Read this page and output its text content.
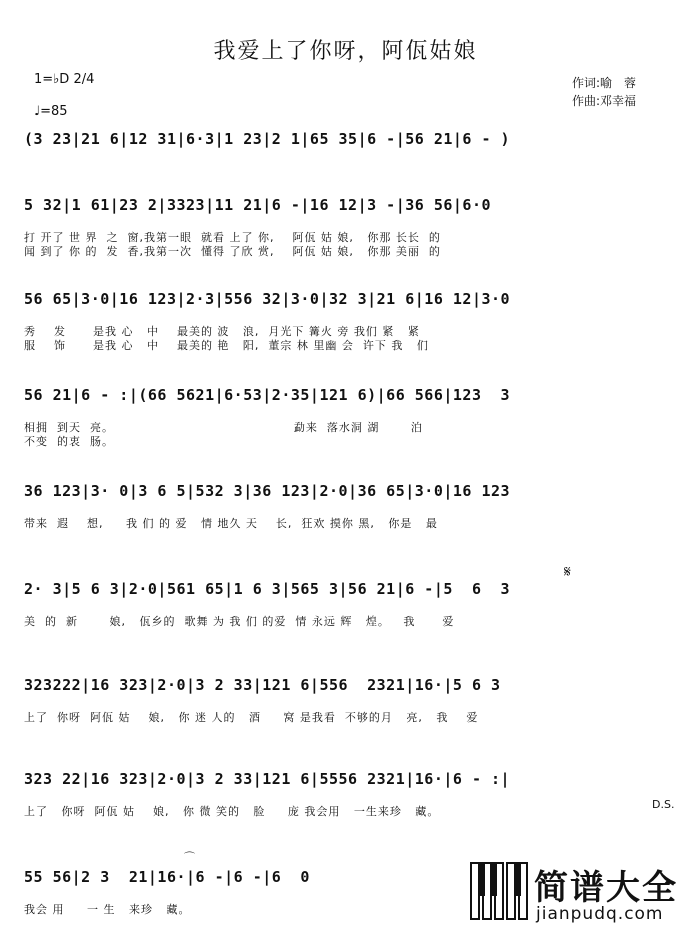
我爱上了你呀，阿佤姑娘
1=♭D 2/4
♩=85
作词:喻　蓉
作曲:邓幸福
(3 23|21 6|12 31|6·3|1 23|2 1|65 35|6 -|56 21|6 - )
5 32|1 61|23 2|3323|11 21|6 -|16 12|3 -|36 56|6·0
打 开了 世 界  之  窗,我第一眼  就看 上了 你,    阿佤 姑 娘,   你那 长长  的
闻 到了 你 的  发  香,我第一次  懂得 了欣 赏,    阿佤 姑 娘,   你那 美丽  的
56 65|3·0|16 123|2·3|556 32|3·0|32 3|21 6|16 12|3·0
秀    发      是我 心   中    最美的 波   浪,  月光下 篝火 旁 我们 紧   紧
服    饰      是我 心   中    最美的 艳   阳,  董宗 林 里幽 会  许下 我   们
56 21|6 - :|(66 5621|6·53|2·35|121 6)|66 566|123  3
相拥  到天  亮。                                        勐来  落水洞 湖       泊
不变  的衷  肠。
36 123|3· 0|3 6 5|532 3|36 123|2·0|36 65|3·0|16 123
带来  遐    想,     我 们 的 爱   情 地久 天    长,  狂欢 摸你 黑,   你是   最
2· 3|5 6 3|2·0|561 65|1 6 3|565 3|56 21|6 -|5  6  3
美  的  新       娘,   佤乡的  歌舞 为 我 们 的爱  情 永远 辉   煌。   我      爱
323222|16 323|2·0|3 2 33|121 6|556  2321|16·|5 6 3
上了  你呀  阿佤 姑    娘,   你 迷 人的   酒     窝 是我看  不够的月   亮,   我    爱
323 22|16 323|2·0|3 2 33|121 6|5556 2321|16·|6 - :|
上了   你呀  阿佤 姑    娘,   你 微 笑的   脸     庞 我会用   一生来珍   藏。
55 56|2 3  21|16·|6 -|6 -|6  0
我会 用     一 生   来珍   藏。
D.S.
𝄋
⌒
简谱大全
jianpudq.com
